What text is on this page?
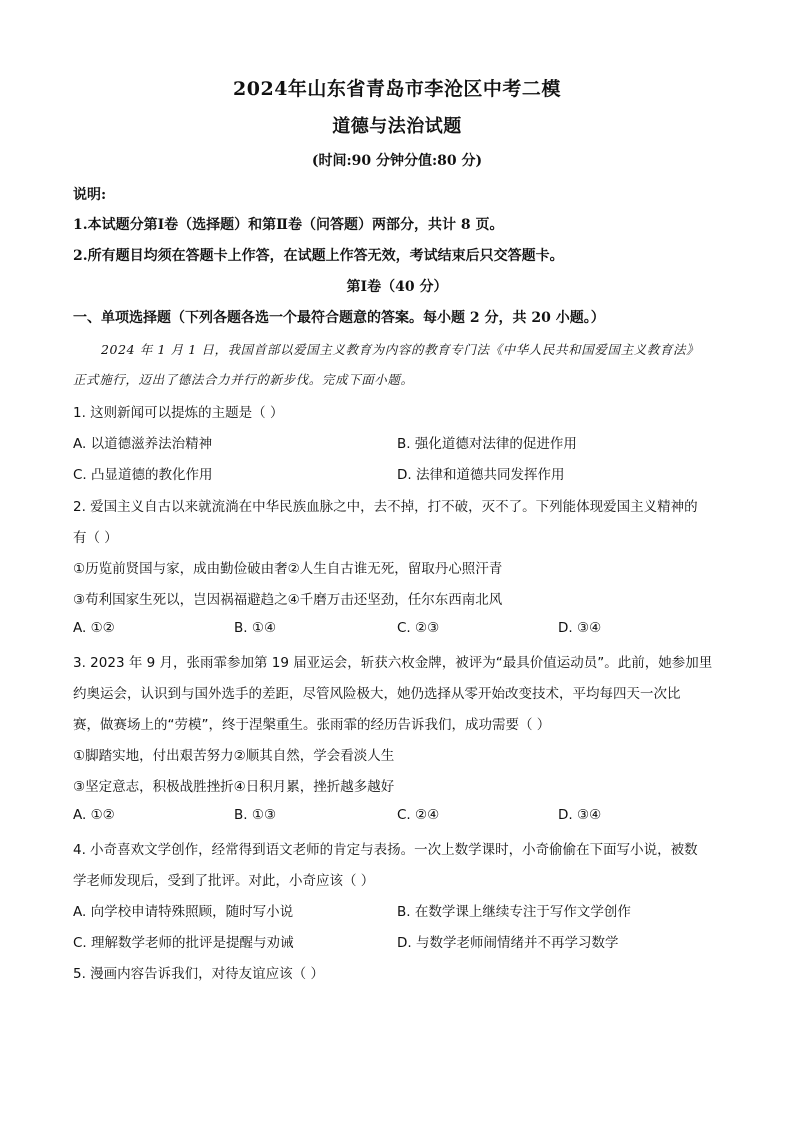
2024年山东省青岛市李沧区中考二模
道德与法治试题
(时间:90 分钟分值:80 分)
说明:
1.本试题分第Ⅰ卷（选择题）和第Ⅱ卷（问答题）两部分，共计 8 页。
2.所有题目均须在答题卡上作答，在试题上作答无效，考试结束后只交答题卡。
第Ⅰ卷（40 分）
一、单项选择题（下列各题各选一个最符合题意的答案。每小题 2 分，共 20 小题。）
2024 年 1 月 1 日，我国首部以爱国主义教育为内容的教育专门法《中华人民共和国爱国主义教育法》
正式施行，迈出了德法合力并行的新步伐。完成下面小题。
1. 这则新闻可以提炼的主题是（ ）
A. 以道德滋养法治精神	B. 强化道德对法律的促进作用
C. 凸显道德的教化作用	D. 法律和道德共同发挥作用
2. 爱国主义自古以来就流淌在中华民族血脉之中，去不掉，打不破，灭不了。下列能体现爱国主义精神的
有（ ）
①历览前贤国与家，成由勤俭破由奢②人生自古谁无死，留取丹心照汗青
③苟利国家生死以，岂因祸福避趋之④千磨万击还坚劲，任尔东西南北风
A. ①②	B. ①④	C. ②③	D. ③④
3. 2023 年 9 月，张雨霏参加第 19 届亚运会，斩获六枚金牌，被评为“最具价值运动员”。此前，她参加里
约奥运会，认识到与国外选手的差距，尽管风险极大，她仍选择从零开始改变技术，平均每四天一次比
赛，做赛场上的“劳模”，终于涅槃重生。张雨霏的经历告诉我们，成功需要（ ）
①脚踏实地，付出艰苦努力②顺其自然，学会看淡人生
③坚定意志，积极战胜挫折④日积月累，挫折越多越好
A. ①②	B. ①③	C. ②④	D. ③④
4. 小奇喜欢文学创作，经常得到语文老师的肯定与表扬。一次上数学课时，小奇偷偷在下面写小说，被数
学老师发现后，受到了批评。对此，小奇应该（ ）
A. 向学校申请特殊照顾，随时写小说	B. 在数学课上继续专注于写作文学创作
C. 理解数学老师的批评是提醒与劝诫	D. 与数学老师闹情绪并不再学习数学
5. 漫画内容告诉我们，对待友谊应该（ ）
